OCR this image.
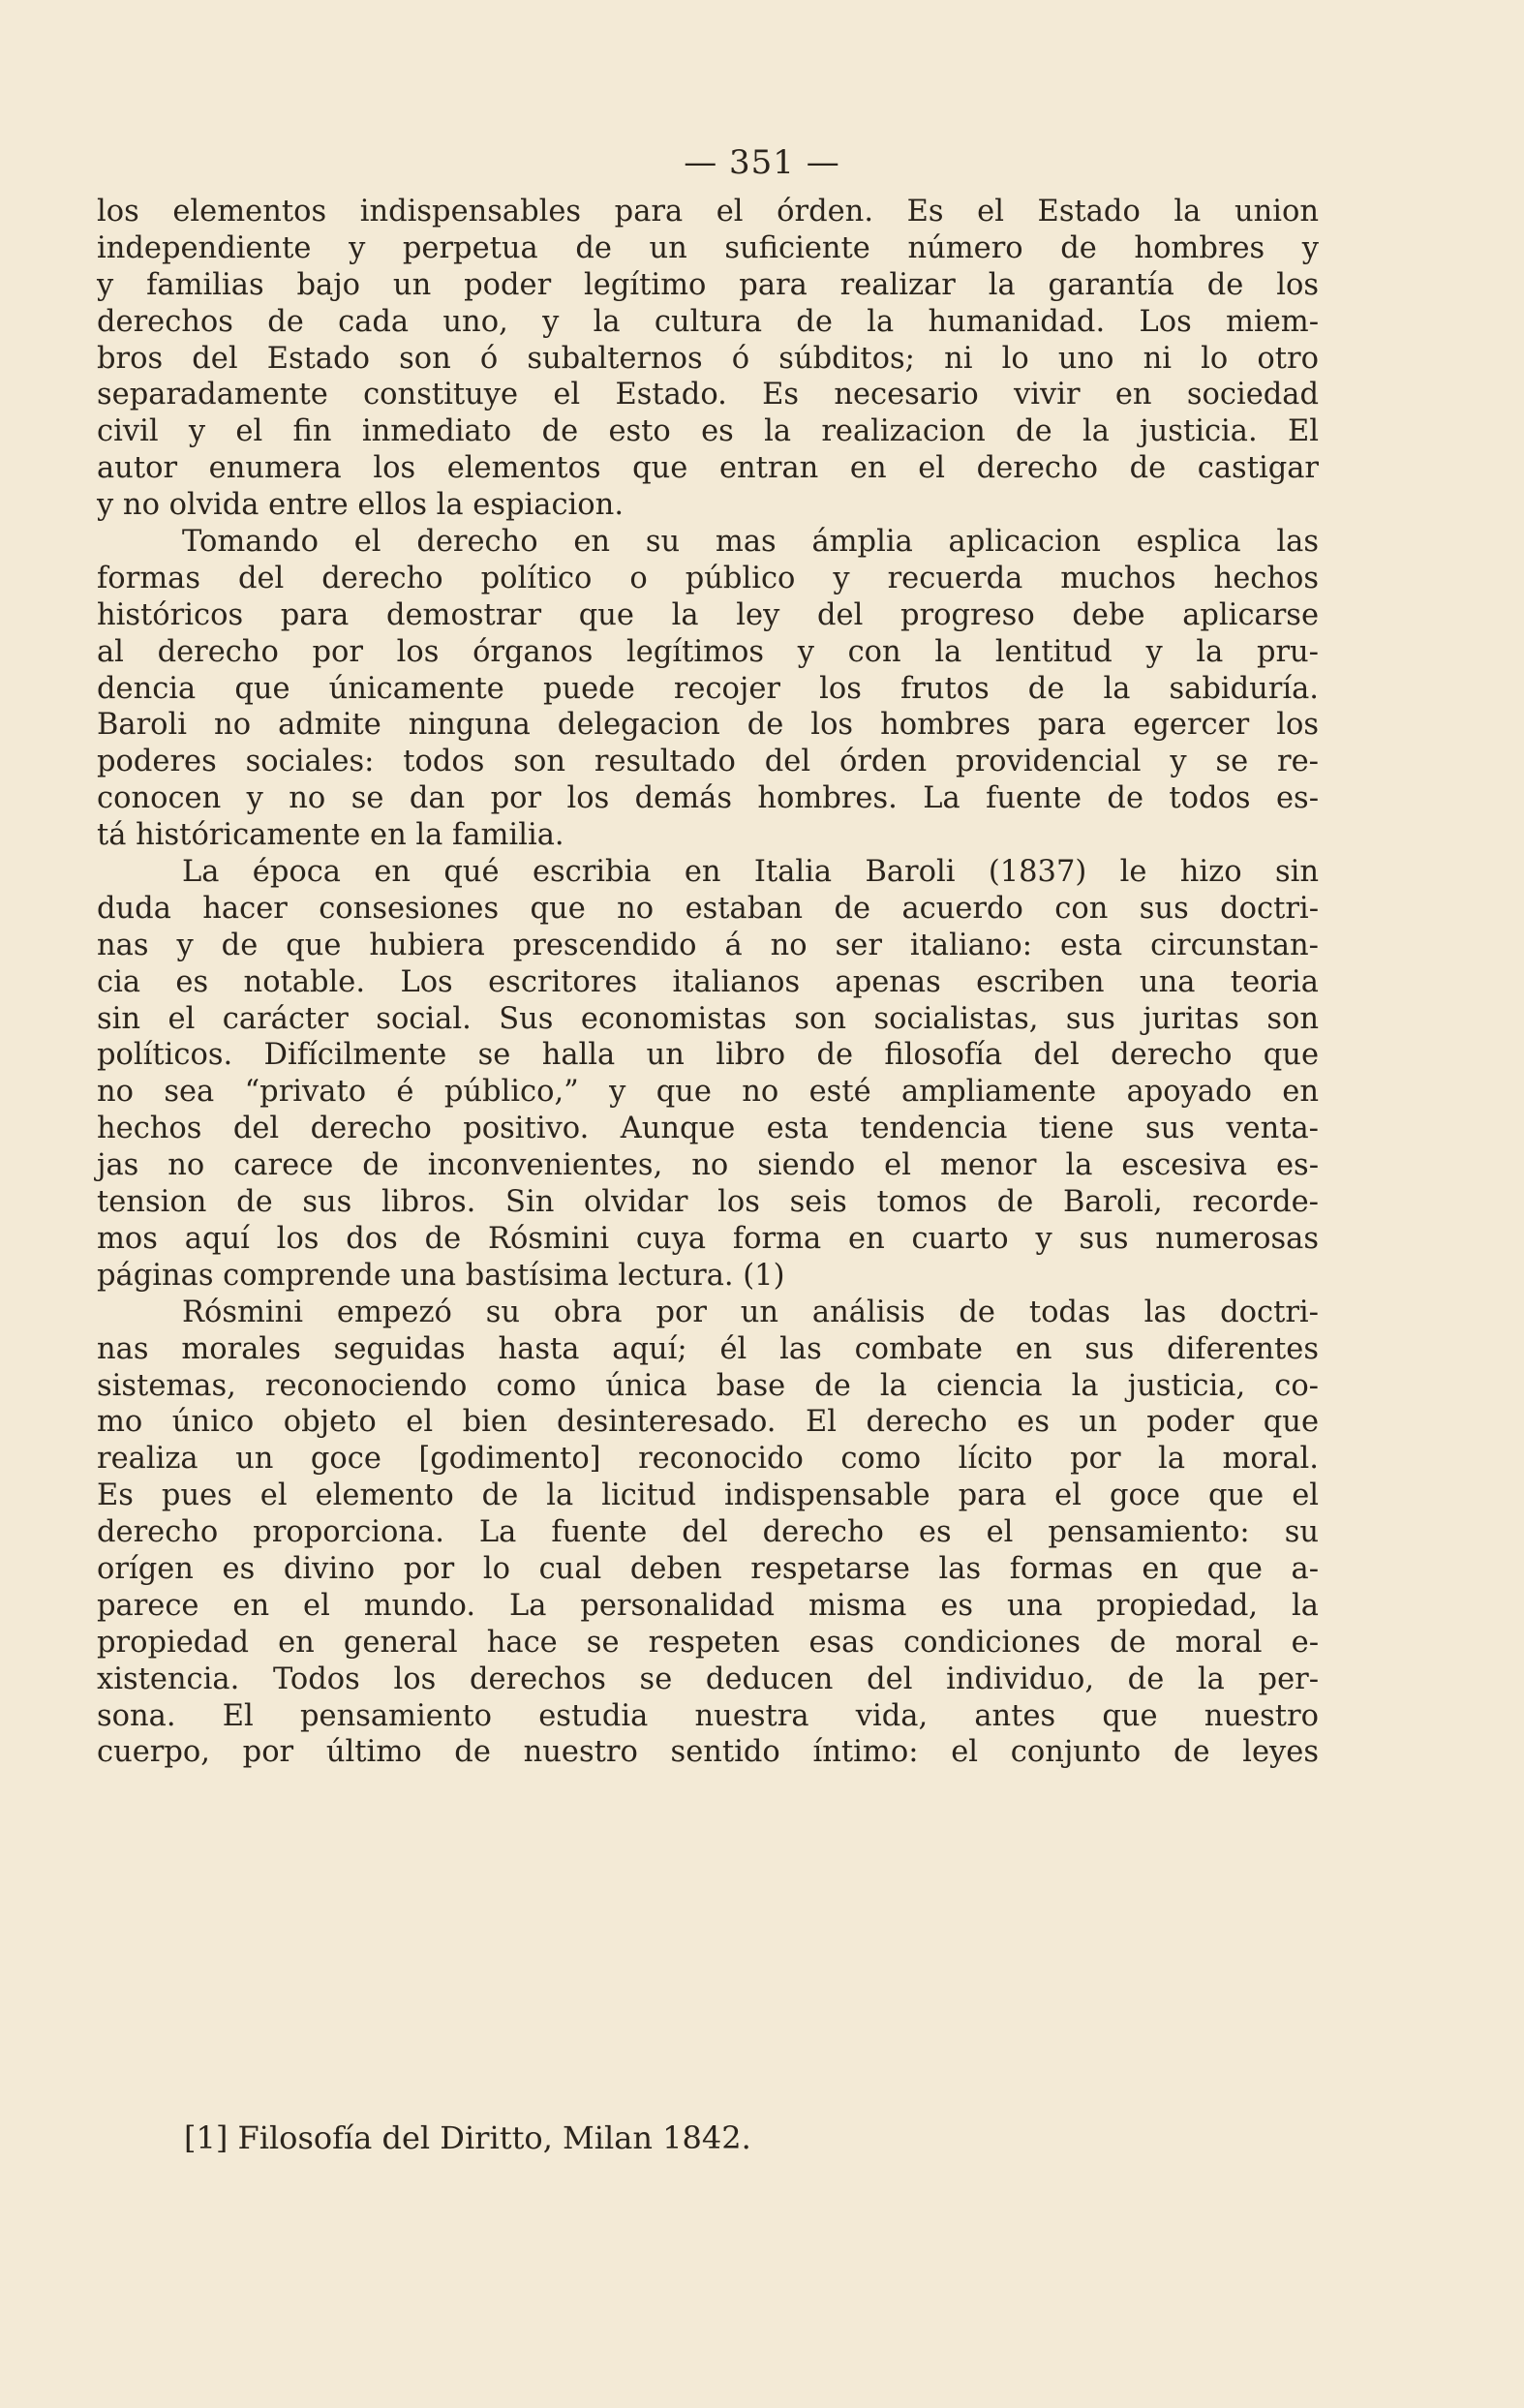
— 351 —
los elementos indispensables para el órden. Es el Estado la union
independiente y perpetua de un suficiente número de hombres y
y familias bajo un poder legítimo para realizar la garantía de los
derechos de cada uno, y la cultura de la humanidad. Los miem-
bros del Estado son ó subalternos ó súbditos; ni lo uno ni lo otro
separadamente constituye el Estado. Es necesario vivir en sociedad
civil y el fin inmediato de esto es la realizacion de la justicia. El
autor enumera los elementos que entran en el derecho de castigar
y no olvida entre ellos la espiacion.
Tomando el derecho en su mas ámplia aplicacion esplica las
formas del derecho político o público y recuerda muchos hechos
históricos para demostrar que la ley del progreso debe aplicarse
al derecho por los órganos legítimos y con la lentitud y la pru-
dencia que únicamente puede recojer los frutos de la sabiduría.
Baroli no admite ninguna delegacion de los hombres para egercer los
poderes sociales: todos son resultado del órden providencial y se re-
conocen y no se dan por los demás hombres. La fuente de todos es-
tá históricamente en la familia.
La época en qué escribia en Italia Baroli (1837) le hizo sin
duda hacer consesiones que no estaban de acuerdo con sus doctri-
nas y de que hubiera prescendido á no ser italiano: esta circunstan-
cia es notable. Los escritores italianos apenas escriben una teoria
sin el carácter social. Sus economistas son socialistas, sus juritas son
políticos. Difícilmente se halla un libro de filosofía del derecho que
no sea “privato é público,” y que no esté ampliamente apoyado en
hechos del derecho positivo. Aunque esta tendencia tiene sus venta-
jas no carece de inconvenientes, no siendo el menor la escesiva es-
tension de sus libros. Sin olvidar los seis tomos de Baroli, recorde-
mos aquí los dos de Rósmini cuya forma en cuarto y sus numerosas
páginas comprende una bastísima lectura. (1)
Rósmini empezó su obra por un análisis de todas las doctri-
nas morales seguidas hasta aquí; él las combate en sus diferentes
sistemas, reconociendo como única base de la ciencia la justicia, co-
mo único objeto el bien desinteresado. El derecho es un poder que
realiza un goce [godimento] reconocido como lícito por la moral.
Es pues el elemento de la licitud indispensable para el goce que el
derecho proporciona. La fuente del derecho es el pensamiento: su
orígen es divino por lo cual deben respetarse las formas en que a-
parece en el mundo. La personalidad misma es una propiedad, la
propiedad en general hace se respeten esas condiciones de moral e-
xistencia. Todos los derechos se deducen del individuo, de la per-
sona. El pensamiento estudia nuestra vida, antes que nuestro
cuerpo, por último de nuestro sentido íntimo: el conjunto de leyes
[1] Filosofía del Diritto, Milan 1842.
